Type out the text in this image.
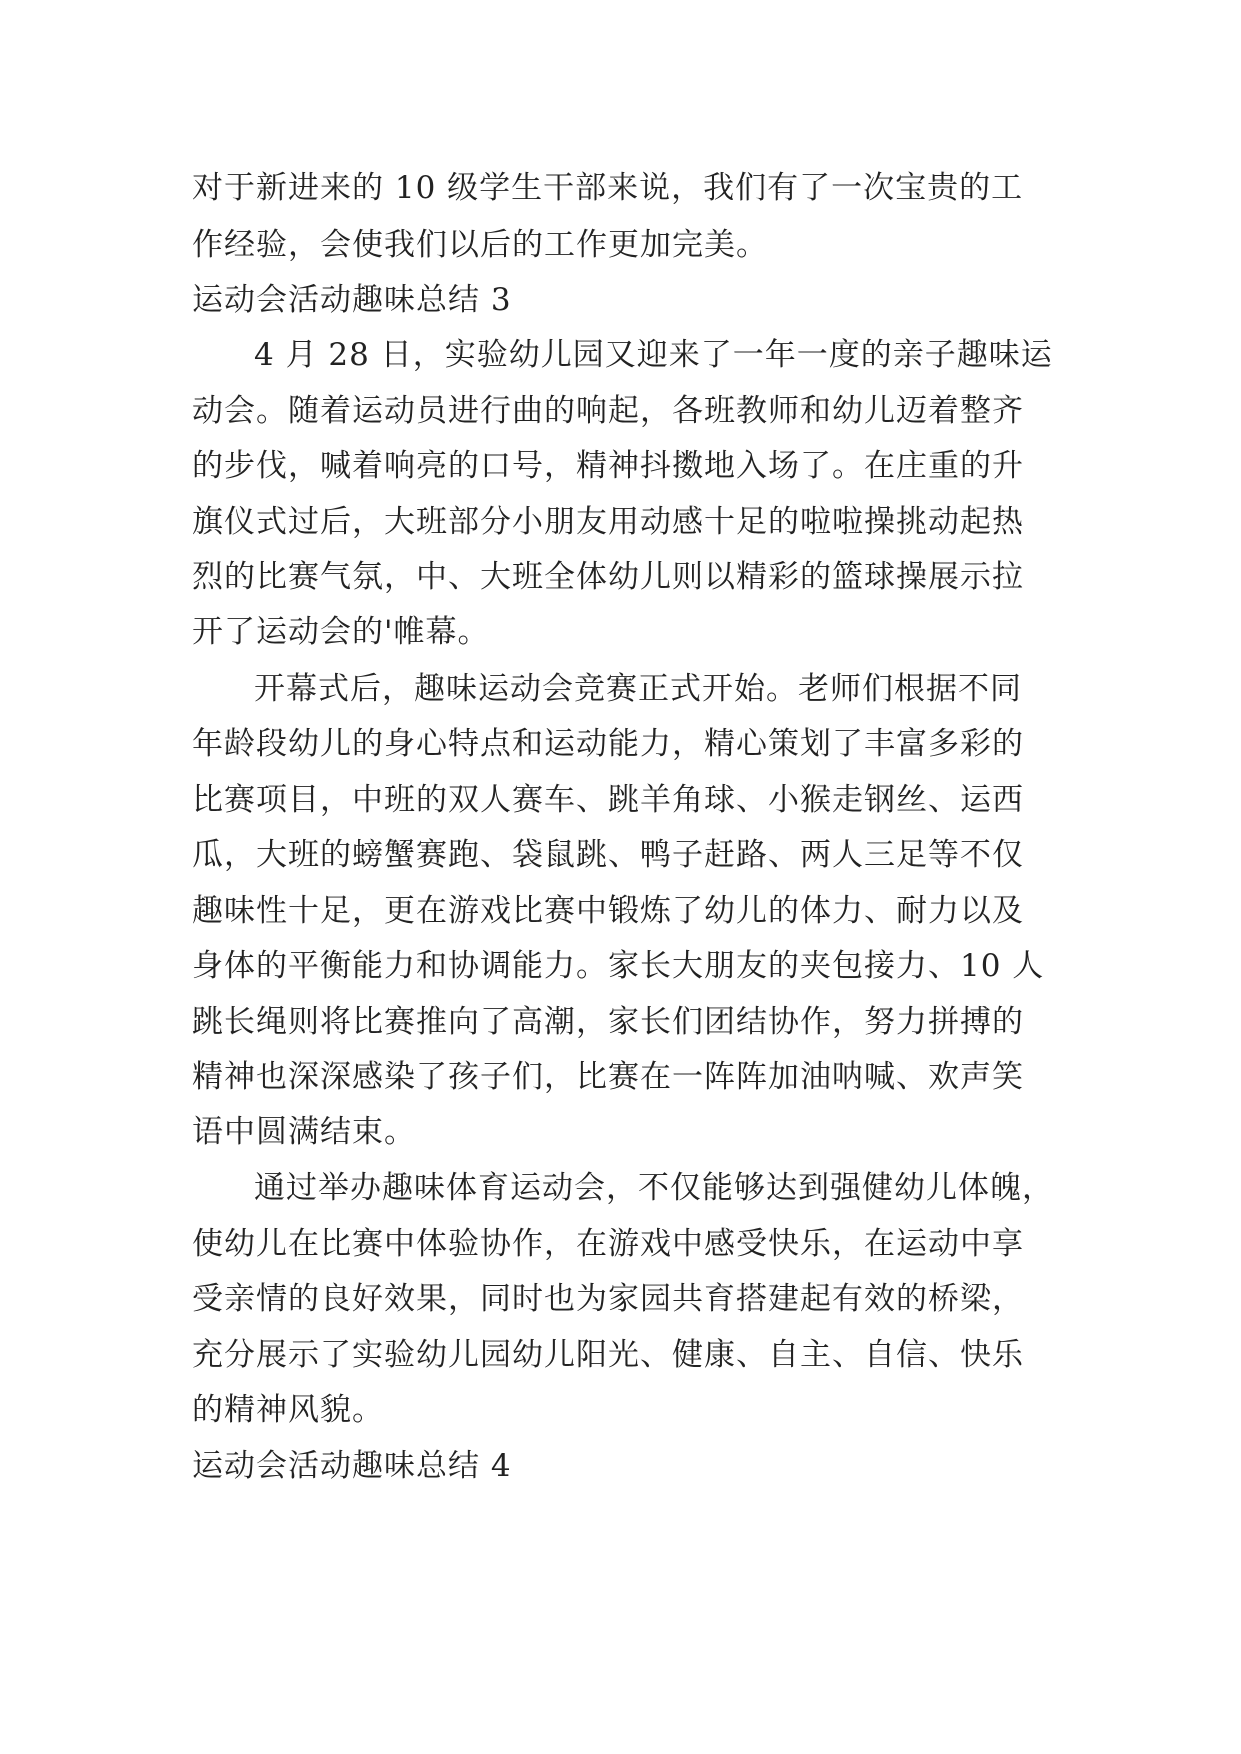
对于新进来的 10 级学生干部来说，我们有了一次宝贵的工
作经验，会使我们以后的工作更加完美。
运动会活动趣味总结 3
4 月 28 日，实验幼儿园又迎来了一年一度的亲子趣味运
动会。随着运动员进行曲的响起，各班教师和幼儿迈着整齐
的步伐，喊着响亮的口号，精神抖擞地入场了。在庄重的升
旗仪式过后，大班部分小朋友用动感十足的啦啦操挑动起热
烈的比赛气氛，中、大班全体幼儿则以精彩的篮球操展示拉
开了运动会的'帷幕。
开幕式后，趣味运动会竞赛正式开始。老师们根据不同
年龄段幼儿的身心特点和运动能力，精心策划了丰富多彩的
比赛项目，中班的双人赛车、跳羊角球、小猴走钢丝、运西
瓜，大班的螃蟹赛跑、袋鼠跳、鸭子赶路、两人三足等不仅
趣味性十足，更在游戏比赛中锻炼了幼儿的体力、耐力以及
身体的平衡能力和协调能力。家长大朋友的夹包接力、10 人
跳长绳则将比赛推向了高潮，家长们团结协作，努力拼搏的
精神也深深感染了孩子们，比赛在一阵阵加油呐喊、欢声笑
语中圆满结束。
通过举办趣味体育运动会，不仅能够达到强健幼儿体魄，
使幼儿在比赛中体验协作，在游戏中感受快乐，在运动中享
受亲情的良好效果，同时也为家园共育搭建起有效的桥梁，
充分展示了实验幼儿园幼儿阳光、健康、自主、自信、快乐
的精神风貌。
运动会活动趣味总结 4
